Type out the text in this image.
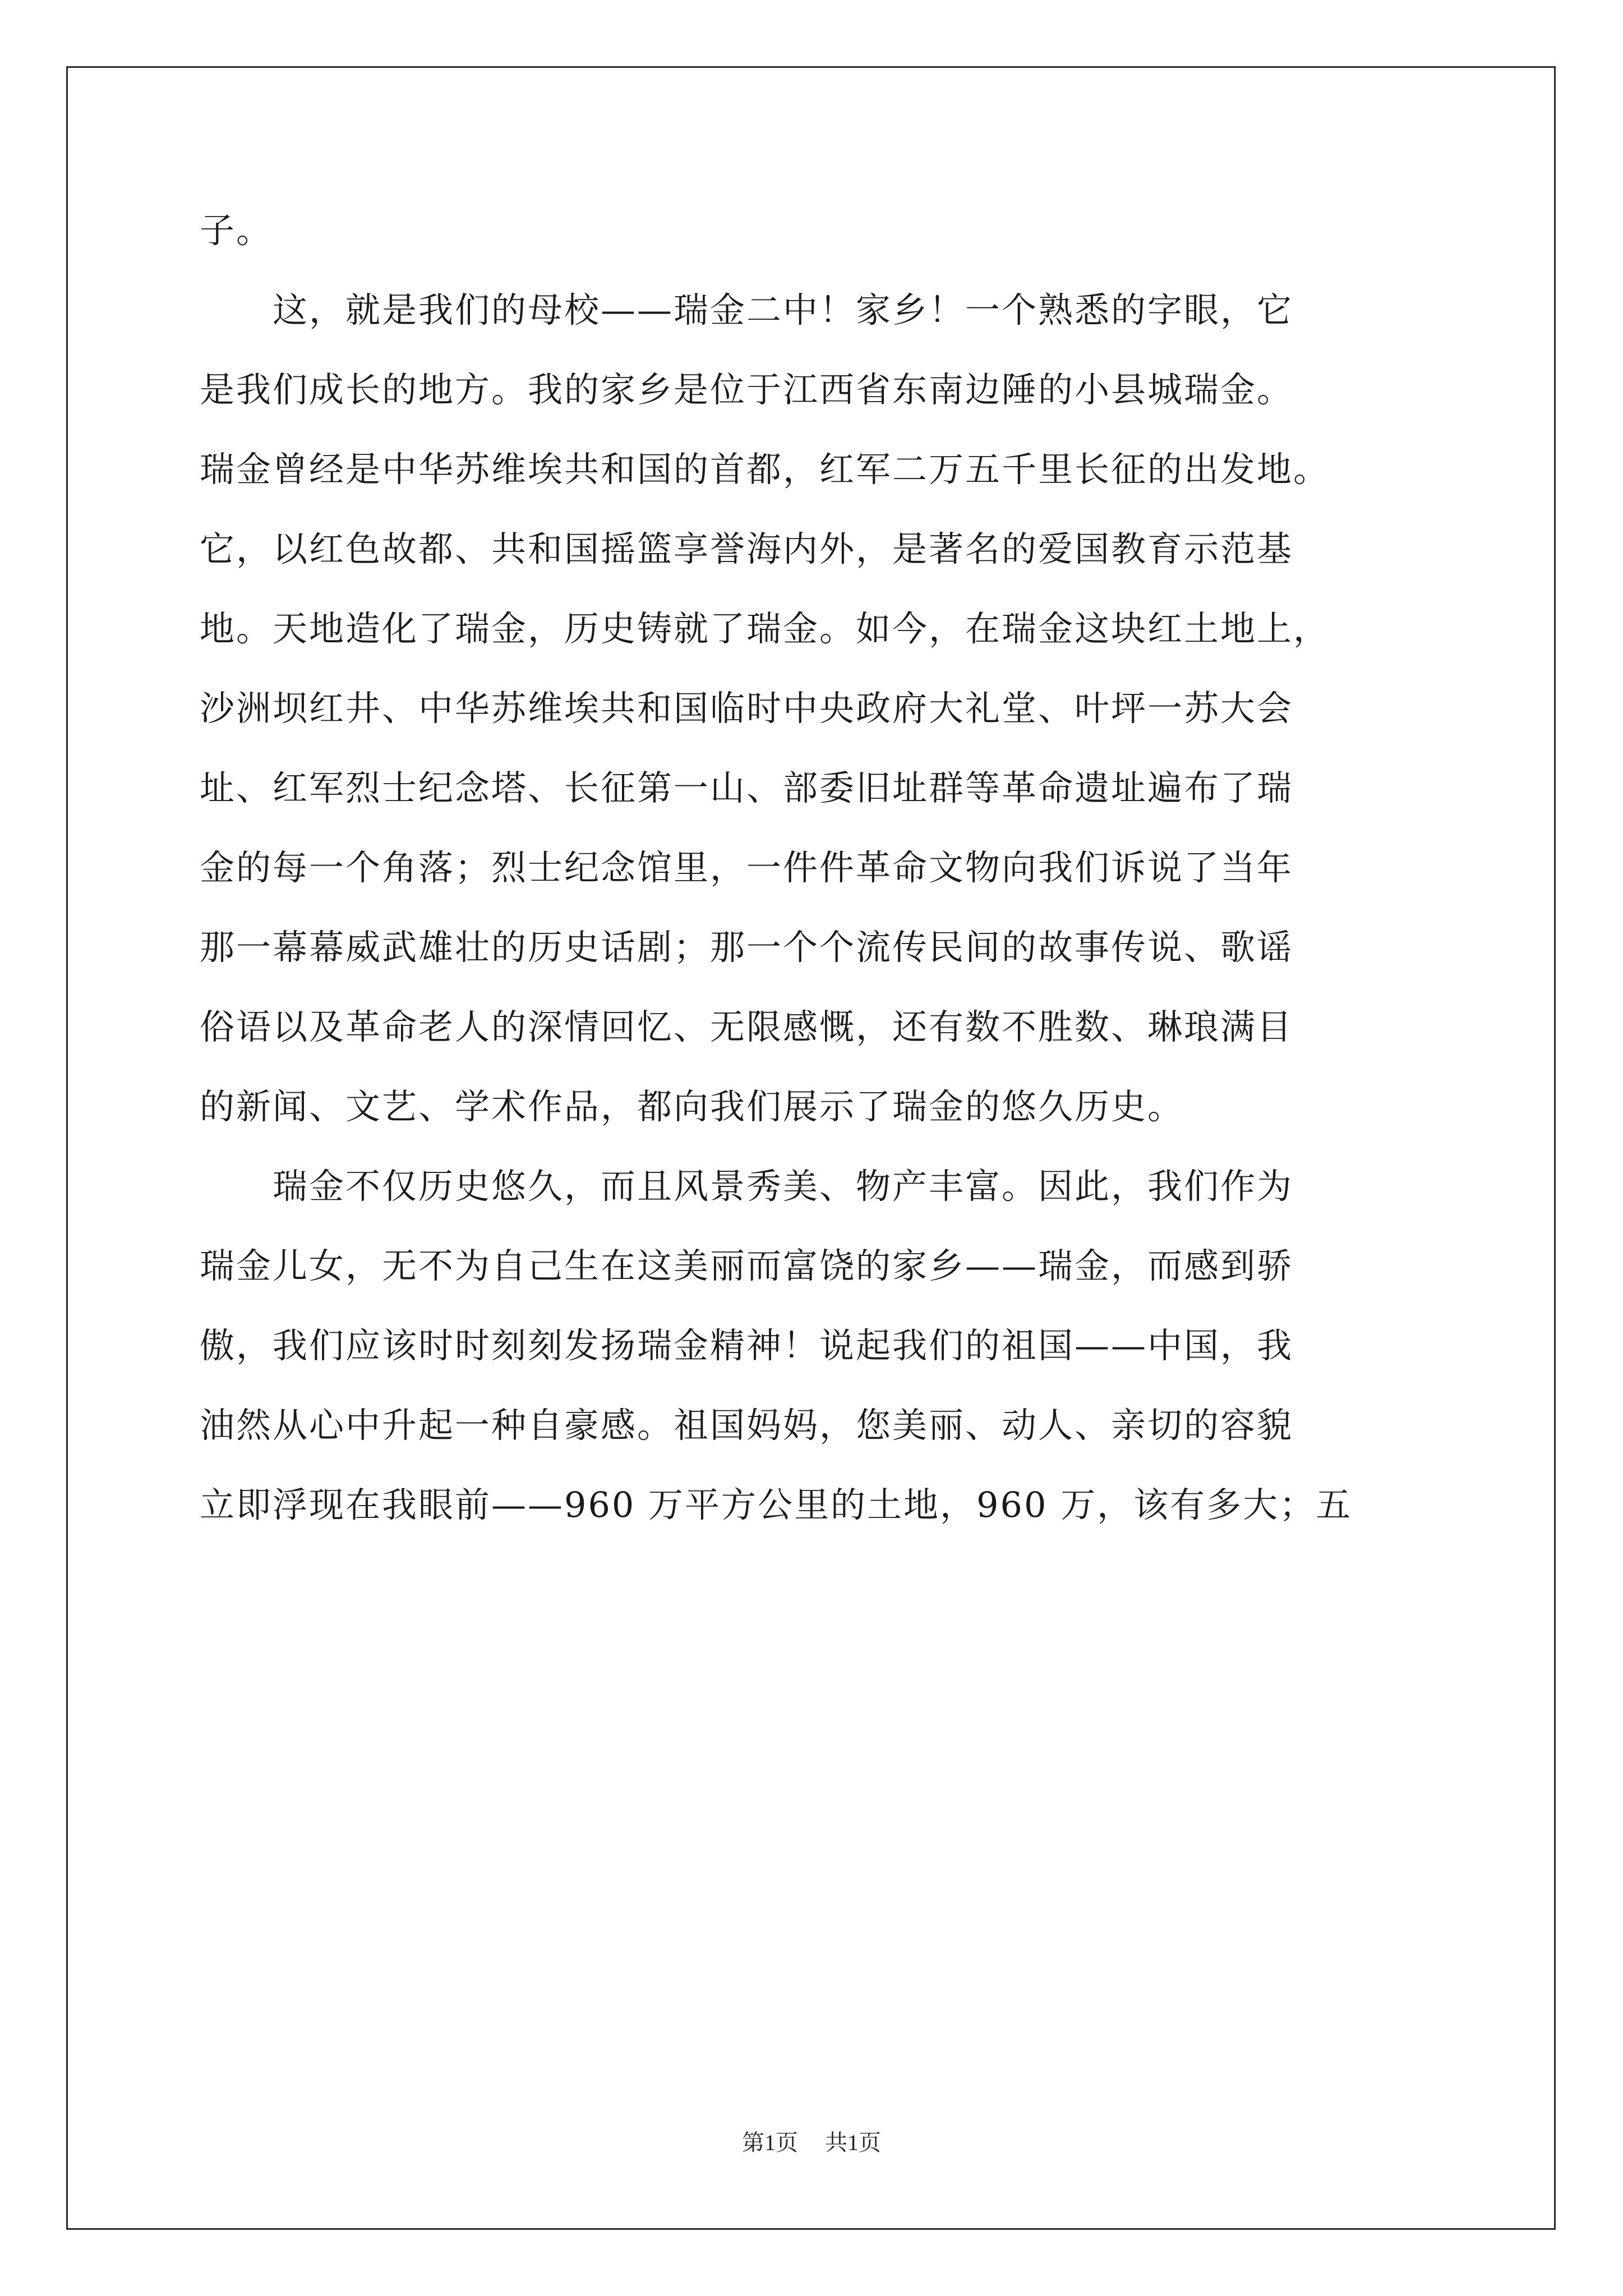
子。
　　这，就是我们的母校——瑞金二中！家乡！一个熟悉的字眼，它
是我们成长的地方。我的家乡是位于江西省东南边陲的小县城瑞金。
瑞金曾经是中华苏维埃共和国的首都，红军二万五千里长征的出发地。
它，以红色故都、共和国摇篮享誉海内外，是著名的爱国教育示范基
地。天地造化了瑞金，历史铸就了瑞金。如今，在瑞金这块红土地上，
沙洲坝红井、中华苏维埃共和国临时中央政府大礼堂、叶坪一苏大会
址、红军烈士纪念塔、长征第一山、部委旧址群等革命遗址遍布了瑞
金的每一个角落；烈士纪念馆里，一件件革命文物向我们诉说了当年
那一幕幕威武雄壮的历史话剧；那一个个流传民间的故事传说、歌谣
俗语以及革命老人的深情回忆、无限感慨，还有数不胜数、琳琅满目
的新闻、文艺、学术作品，都向我们展示了瑞金的悠久历史。
　　瑞金不仅历史悠久，而且风景秀美、物产丰富。因此，我们作为
瑞金儿女，无不为自己生在这美丽而富饶的家乡——瑞金，而感到骄
傲，我们应该时时刻刻发扬瑞金精神！说起我们的祖国——中国，我
油然从心中升起一种自豪感。祖国妈妈，您美丽、动人、亲切的容貌
立即浮现在我眼前——960 万平方公里的土地，960 万，该有多大；五
第1页 共1页
